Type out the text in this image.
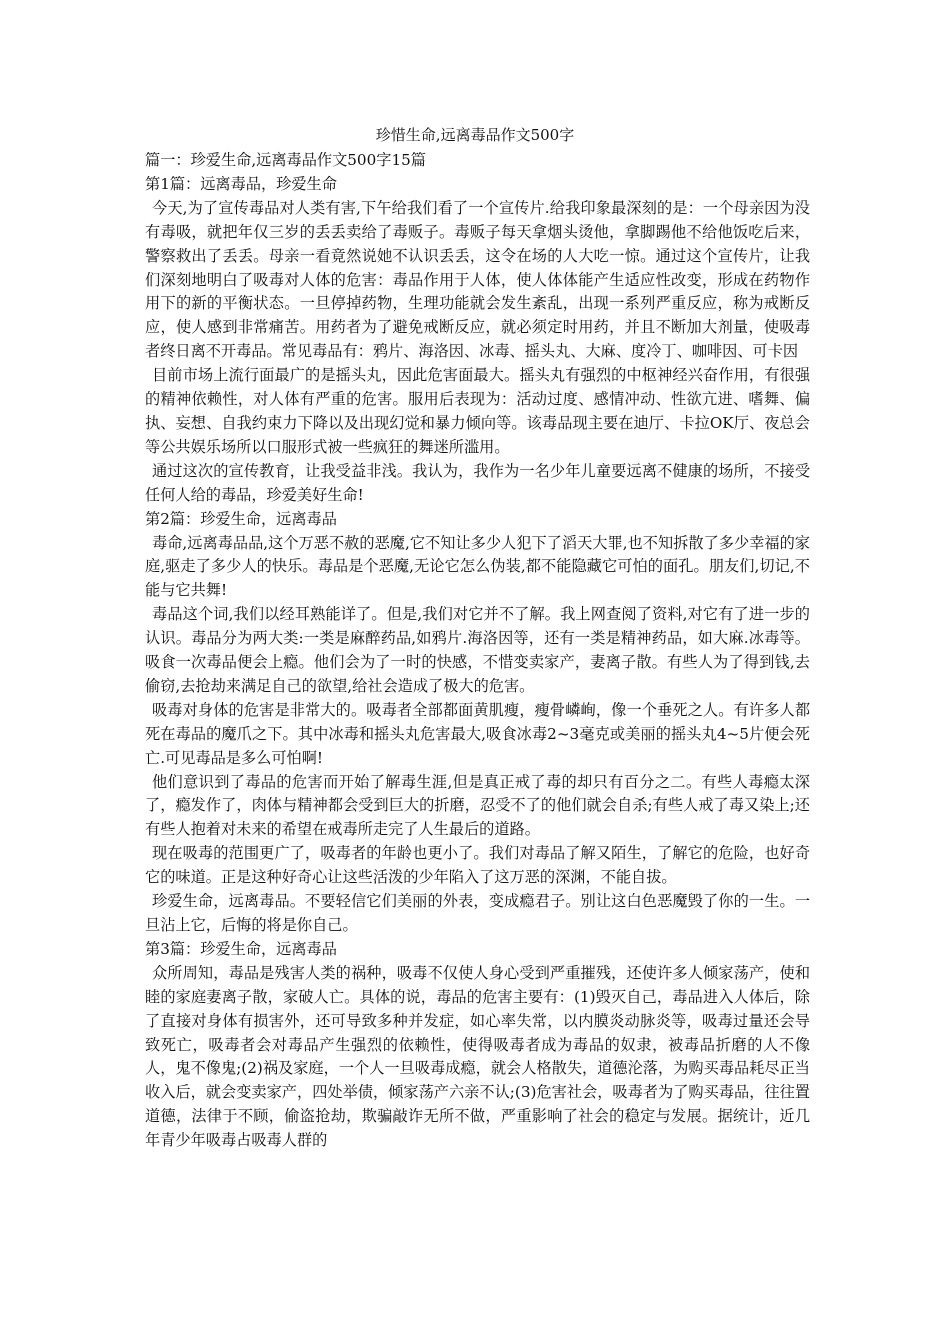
珍惜生命,远离毒品作文500字

篇一：珍爱生命,远离毒品作文500字15篇

第1篇：远离毒品，珍爱生命

今天,为了宣传毒品对人类有害,下午给我们看了一个宣传片.给我印象最深刻的是：一个母亲因为没有毒吸，就把年仅三岁的丢丢卖给了毒贩子。毒贩子每天拿烟头烫他，拿脚踢他不给他饭吃后来，警察救出了丢丢。母亲一看竟然说她不认识丢丢，这令在场的人大吃一惊。通过这个宣传片，让我们深刻地明白了吸毒对人体的危害：毒品作用于人体，使人体体能产生适应性改变，形成在药物作用下的新的平衡状态。一旦停掉药物，生理功能就会发生紊乱，出现一系列严重反应，称为戒断反应，使人感到非常痛苦。用药者为了避免戒断反应，就必须定时用药，并且不断加大剂量，使吸毒者终日离不开毒品。常见毒品有：鸦片、海洛因、冰毒、摇头丸、大麻、度冷丁、咖啡因、可卡因

目前市场上流行面最广的是摇头丸，因此危害面最大。摇头丸有强烈的中枢神经兴奋作用，有很强的精神依赖性，对人体有严重的危害。服用后表现为：活动过度、感情冲动、性欲亢进、嗜舞、偏执、妄想、自我约束力下降以及出现幻觉和暴力倾向等。该毒品现主要在迪厅、卡拉OK厅、夜总会等公共娱乐场所以口服形式被一些疯狂的舞迷所滥用。

通过这次的宣传教育，让我受益非浅。我认为，我作为一名少年儿童要远离不健康的场所，不接受任何人给的毒品，珍爱美好生命!

第2篇：珍爱生命，远离毒品

毒命,远离毒品品,这个万恶不赦的恶魔,它不知让多少人犯下了滔天大罪,也不知拆散了多少幸福的家庭,驱走了多少人的快乐。毒品是个恶魔,无论它怎么伪装,都不能隐藏它可怕的面孔。朋友们,切记,不能与它共舞!

毒品这个词,我们以经耳熟能详了。但是,我们对它并不了解。我上网查阅了资料,对它有了进一步的认识。毒品分为两大类:一类是麻醉药品,如鸦片.海洛因等，还有一类是精神药品，如大麻.冰毒等。吸食一次毒品便会上瘾。他们会为了一时的快感，不惜变卖家产，妻离子散。有些人为了得到钱,去偷窃,去抢劫来满足自己的欲望,给社会造成了极大的危害。

吸毒对身体的危害是非常大的。吸毒者全部都面黄肌瘦，瘦骨嶙峋，像一个垂死之人。有许多人都死在毒品的魔爪之下。其中冰毒和摇头丸危害最大,吸食冰毒2~3毫克或美丽的摇头丸4~5片便会死亡.可见毒品是多么可怕啊!

他们意识到了毒品的危害而开始了解毒生涯,但是真正戒了毒的却只有百分之二。有些人毒瘾太深了，瘾发作了，肉体与精神都会受到巨大的折磨，忍受不了的他们就会自杀;有些人戒了毒又染上;还有些人抱着对未来的希望在戒毒所走完了人生最后的道路。

现在吸毒的范围更广了，吸毒者的年龄也更小了。我们对毒品了解又陌生，了解它的危险，也好奇它的味道。正是这种好奇心让这些活泼的少年陷入了这万恶的深渊，不能自拔。

珍爱生命，远离毒品。不要轻信它们美丽的外表，变成瘾君子。别让这白色恶魔毁了你的一生。一旦沾上它，后悔的将是你自己。

第3篇：珍爱生命，远离毒品

众所周知，毒品是残害人类的祸种，吸毒不仅使人身心受到严重摧残，还使许多人倾家荡产，使和睦的家庭妻离子散，家破人亡。具体的说，毒品的危害主要有：(1)毁灭自己，毒品进入人体后，除了直接对身体有损害外，还可导致多种并发症，如心率失常，以内膜炎动脉炎等，吸毒过量还会导致死亡，吸毒者会对毒品产生强烈的依赖性，使得吸毒者成为毒品的奴隶，被毒品折磨的人不像人，鬼不像鬼;(2)祸及家庭，一个人一旦吸毒成瘾，就会人格散失，道德沦落，为购买毒品耗尽正当收入后，就会变卖家产，四处举债，倾家荡产六亲不认;(3)危害社会，吸毒者为了购买毒品，往往置道德，法律于不顾，偷盗抢劫，欺骗敲诈无所不做，严重影响了社会的稳定与发展。据统计，近几年青少年吸毒占吸毒人群的
